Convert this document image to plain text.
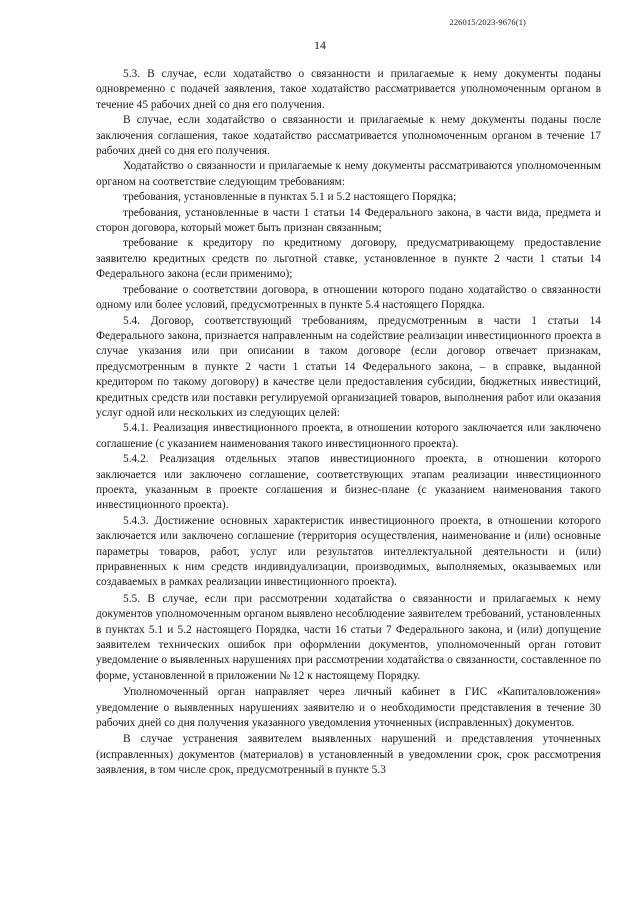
226015/2023-9676(1)
14

5.3. В случае, если ходатайство о связанности и прилагаемые к нему документы поданы одновременно с подачей заявления, такое ходатайство рассматривается уполномоченным органом в течение 45 рабочих дней со дня его получения.

В случае, если ходатайство о связанности и прилагаемые к нему документы поданы после заключения соглашения, такое ходатайство рассматривается уполномоченным органом в течение 17 рабочих дней со дня его получения.

Ходатайство о связанности и прилагаемые к нему документы рассматриваются уполномоченным органом на соответствие следующим требованиям:

требования, установленные в пунктах 5.1 и 5.2 настоящего Порядка;

требования, установленные в части 1 статьи 14 Федерального закона, в части вида, предмета и сторон договора, который может быть признан связанным;

требование к кредитору по кредитному договору, предусматривающему предоставление заявителю кредитных средств по льготной ставке, установленное в пункте 2 части 1 статьи 14 Федерального закона (если применимо);

требование о соответствии договора, в отношении которого подано ходатайство о связанности одному или более условий, предусмотренных в пункте 5.4 настоящего Порядка.

5.4. Договор, соответствующий требованиям, предусмотренным в части 1 статьи 14 Федерального закона, признается направленным на содействие реализации инвестиционного проекта в случае указания или при описании в таком договоре (если договор отвечает признакам, предусмотренным в пункте 2 части 1 статьи 14 Федерального закона, – в справке, выданной кредитором по такому договору) в качестве цели предоставления субсидии, бюджетных инвестиций, кредитных средств или поставки регулируемой организацией товаров, выполнения работ или оказания услуг одной или нескольких из следующих целей:

5.4.1. Реализация инвестиционного проекта, в отношении которого заключается или заключено соглашение (с указанием наименования такого инвестиционного проекта).

5.4.2. Реализация отдельных этапов инвестиционного проекта, в отношении которого заключается или заключено соглашение, соответствующих этапам реализации инвестиционного проекта, указанным в проекте соглашения и бизнес-плане (с указанием наименования такого инвестиционного проекта).

5.4.3. Достижение основных характеристик инвестиционного проекта, в отношении которого заключается или заключено соглашение (территория осуществления, наименование и (или) основные параметры товаров, работ, услуг или результатов интеллектуальной деятельности и (или) приравненных к ним средств индивидуализации, производимых, выполняемых, оказываемых или создаваемых в рамках реализации инвестиционного проекта).

5.5. В случае, если при рассмотрении ходатайства о связанности и прилагаемых к нему документов уполномоченным органом выявлено несоблюдение заявителем требований, установленных в пунктах 5.1 и 5.2 настоящего Порядка, части 16 статьи 7 Федерального закона, и (или) допущение заявителем технических ошибок при оформлении документов, уполномоченный орган готовит уведомление о выявленных нарушениях при рассмотрении ходатайства о связанности, составленное по форме, установленной в приложении № 12 к настоящему Порядку.

Уполномоченный орган направляет через личный кабинет в ГИС «Капиталовложения» уведомление о выявленных нарушениях заявителю и о необходимости представления в течение 30 рабочих дней со дня получения указанного уведомления уточненных (исправленных) документов.

В случае устранения заявителем выявленных нарушений и представления уточненных (исправленных) документов (материалов) в установленный в уведомлении срок, срок рассмотрения заявления, в том числе срок, предусмотренный в пункте 5.3
